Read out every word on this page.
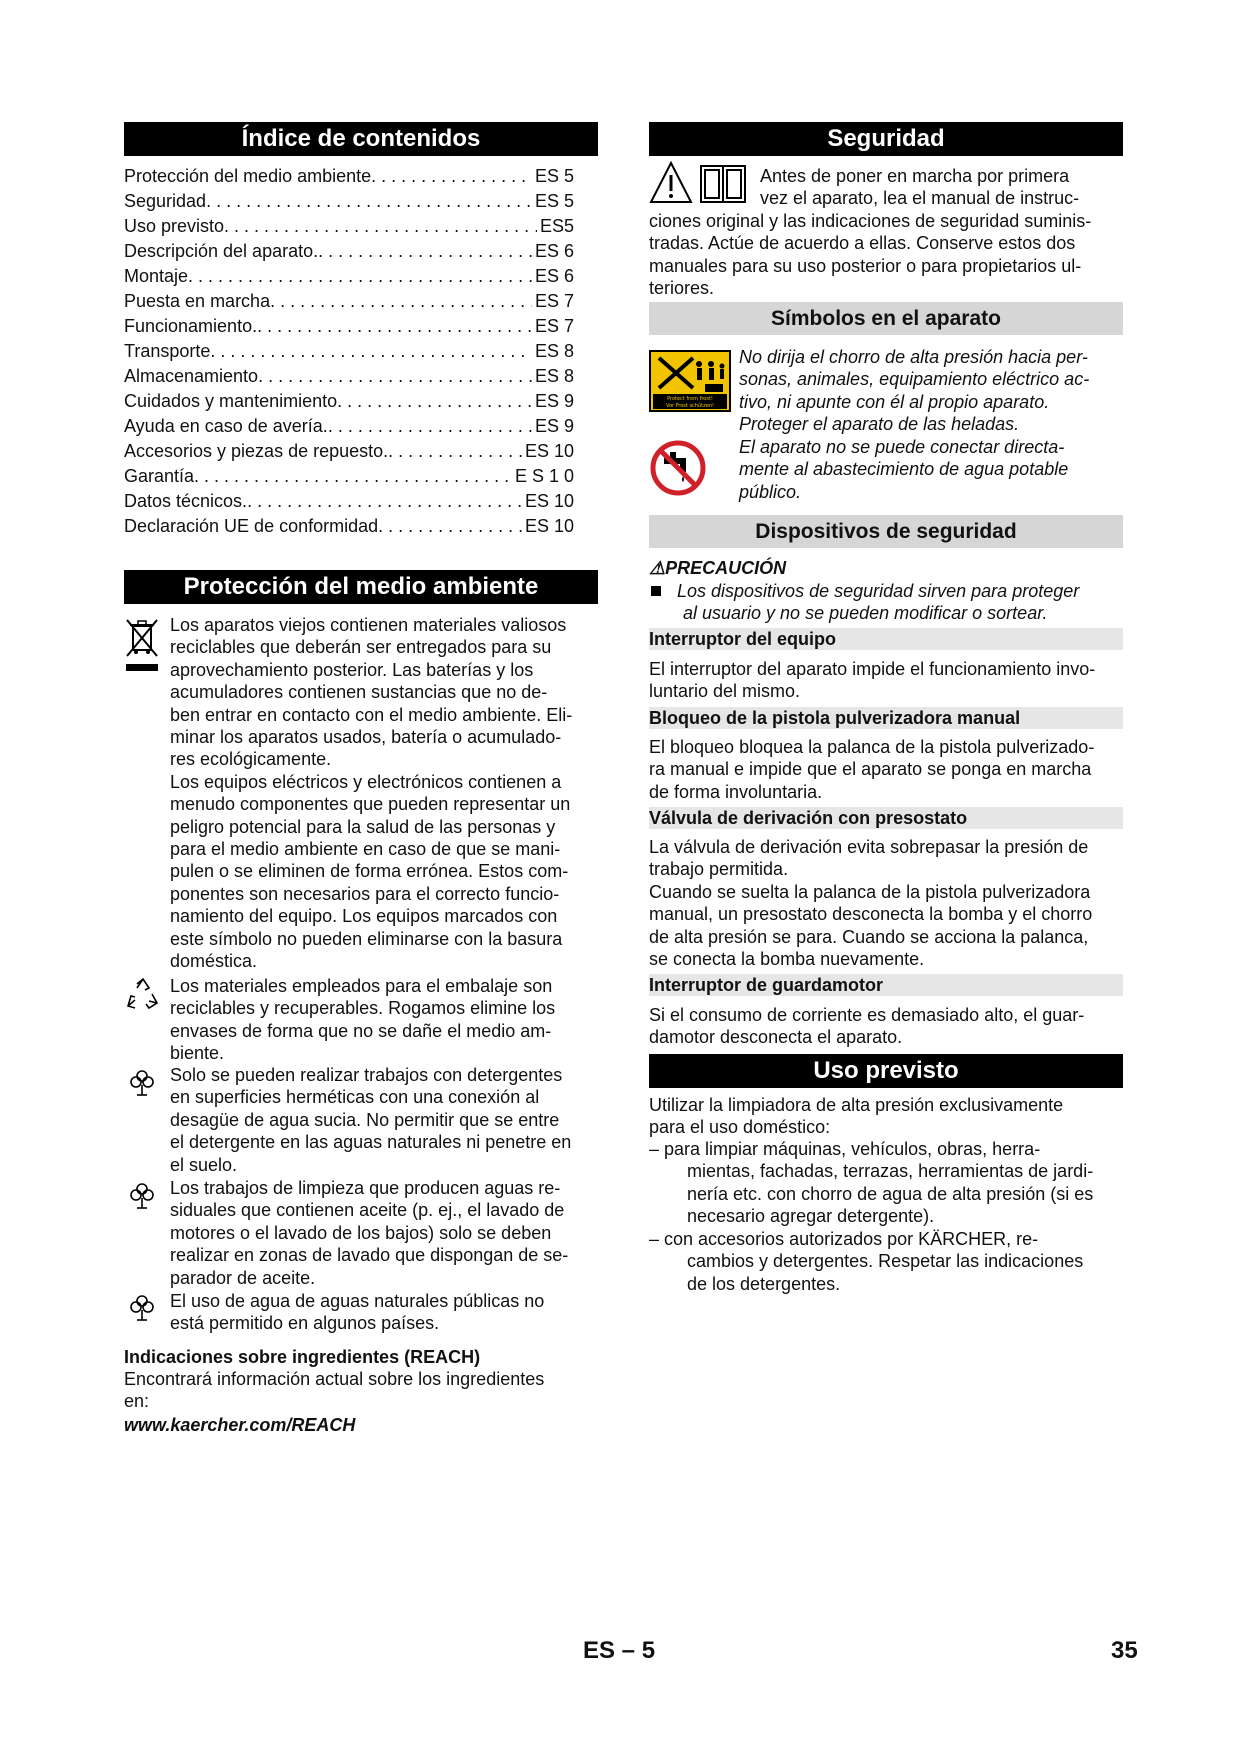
Índice de contenidos
Protección del medio ambiente . . .	ES 5
Seguridad . . .	ES 5
Uso previsto . . .	ES5
Descripción del aparato. . . .	ES 6
Montaje . . .	ES 6
Puesta en marcha . . .	ES 7
Funcionamiento. . . .	ES 7
Transporte . . .	ES 8
Almacenamiento . . .	ES 8
Cuidados y mantenimiento . . .	ES 9
Ayuda en caso de avería. . . .	ES 9
Accesorios y piezas de repuesto. . . .	ES 10
Garantía . . .	E S 1 0
Datos técnicos. . . .	ES 10
Declaración UE de conformidad . . .	ES 10
Protección del medio ambiente
Los aparatos viejos contienen materiales valiosos
reciclables que deberán ser entregados para su
aprovechamiento posterior. Las baterías y los
acumuladores contienen sustancias que no de-
ben entrar en contacto con el medio ambiente. Eli-
minar los aparatos usados, batería o acumulado-
res ecológicamente.
Los equipos eléctricos y electrónicos contienen a
menudo componentes que pueden representar un
peligro potencial para la salud de las personas y
para el medio ambiente en caso de que se mani-
pulen o se eliminen de forma errónea. Estos com-
ponentes son necesarios para el correcto funcio-
namiento del equipo. Los equipos marcados con
este símbolo no pueden eliminarse con la basura
doméstica.
Los materiales empleados para el embalaje son
reciclables y recuperables. Rogamos elimine los
envases de forma que no se dañe el medio am-
biente.
Solo se pueden realizar trabajos con detergentes
en superficies herméticas con una conexión al
desagüe de agua sucia. No permitir que se entre
el detergente en las aguas naturales ni penetre en
el suelo.
Los trabajos de limpieza que producen aguas re-
siduales que contienen aceite (p. ej., el lavado de
motores o el lavado de los bajos) solo se deben
realizar en zonas de lavado que dispongan de se-
parador de aceite.
El uso de agua de aguas naturales públicas no
está permitido en algunos países.
Indicaciones sobre ingredientes (REACH)
Encontrará información actual sobre los ingredientes
en:
www.kaercher.com/REACH
Seguridad
Antes de poner en marcha por primera
vez el aparato, lea el manual de instruc-
ciones original y las indicaciones de seguridad suminis-
tradas. Actúe de acuerdo a ellas. Conserve estos dos
manuales para su uso posterior o para propietarios ul-
teriores.
Símbolos en el aparato
Protect from frost!
Vor Frost schützen!
No dirija el chorro de alta presión hacia per-
sonas, animales, equipamiento eléctrico ac-
tivo, ni apunte con él al propio aparato.
Proteger el aparato de las heladas.
El aparato no se puede conectar directa-
mente al abastecimiento de agua potable
público.
Dispositivos de seguridad
⚠PRECAUCIÓN
Los dispositivos de seguridad sirven para proteger
al usuario y no se pueden modificar o sortear.
Interruptor del equipo
El interruptor del aparato impide el funcionamiento invo-
luntario del mismo.
Bloqueo de la pistola pulverizadora manual
El bloqueo bloquea la palanca de la pistola pulverizado-
ra manual e impide que el aparato se ponga en marcha
de forma involuntaria.
Válvula de derivación con presostato
La válvula de derivación evita sobrepasar la presión de
trabajo permitida.
Cuando se suelta la palanca de la pistola pulverizadora
manual, un presostato desconecta la bomba y el chorro
de alta presión se para. Cuando se acciona la palanca,
se conecta la bomba nuevamente.
Interruptor de guardamotor
Si el consumo de corriente es demasiado alto, el guar-
damotor desconecta el aparato.
Uso previsto
Utilizar la limpiadora de alta presión exclusivamente
para el uso doméstico:
– para limpiar máquinas, vehículos, obras, herra-
mientas, fachadas, terrazas, herramientas de jardi-
nería etc. con chorro de agua de alta presión (si es
necesario agregar detergente).
– con accesorios autorizados por KÄRCHER, re-
cambios y detergentes. Respetar las indicaciones
de los detergentes.
ES – 5	35
